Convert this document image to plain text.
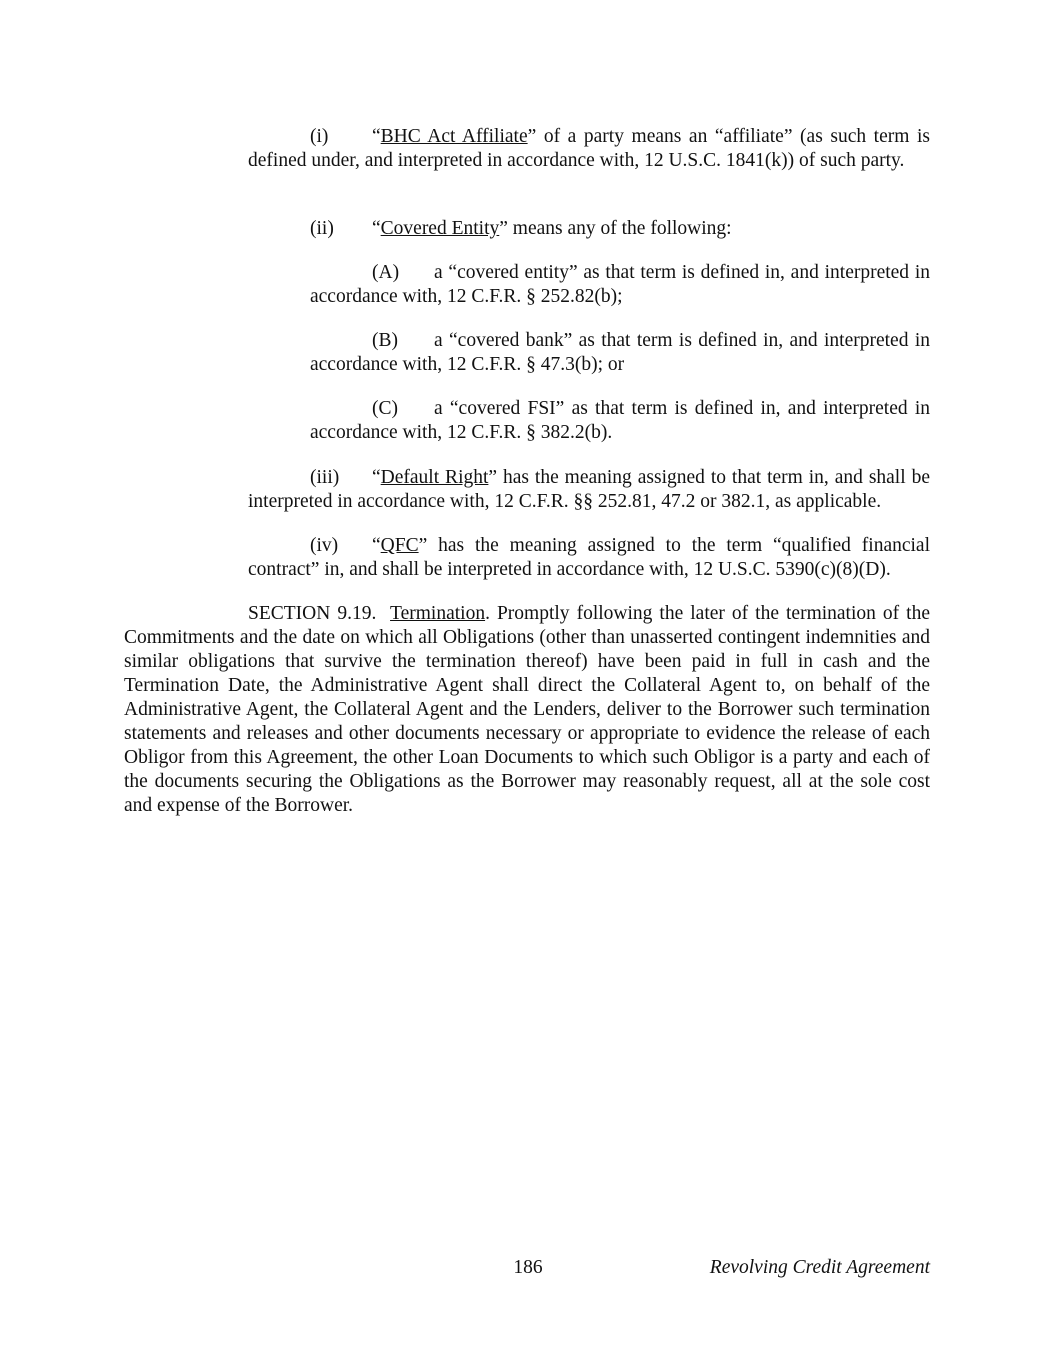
(i) “BHC Act Affiliate” of a party means an “affiliate” (as such term is defined under, and interpreted in accordance with, 12 U.S.C. 1841(k)) of such party.
(ii) “Covered Entity” means any of the following:
(A) a “covered entity” as that term is defined in, and interpreted in accordance with, 12 C.F.R. § 252.82(b);
(B) a “covered bank” as that term is defined in, and interpreted in accordance with, 12 C.F.R. § 47.3(b); or
(C) a “covered FSI” as that term is defined in, and interpreted in accordance with, 12 C.F.R. § 382.2(b).
(iii) “Default Right” has the meaning assigned to that term in, and shall be interpreted in accordance with, 12 C.F.R. §§ 252.81, 47.2 or 382.1, as applicable.
(iv) “QFC” has the meaning assigned to the term “qualified financial contract” in, and shall be interpreted in accordance with, 12 U.S.C. 5390(c)(8)(D).
SECTION 9.19. Termination. Promptly following the later of the termination of the Commitments and the date on which all Obligations (other than unasserted contingent indemnities and similar obligations that survive the termination thereof) have been paid in full in cash and the Termination Date, the Administrative Agent shall direct the Collateral Agent to, on behalf of the Administrative Agent, the Collateral Agent and the Lenders, deliver to the Borrower such termination statements and releases and other documents necessary or appropriate to evidence the release of each Obligor from this Agreement, the other Loan Documents to which such Obligor is a party and each of the documents securing the Obligations as the Borrower may reasonably request, all at the sole cost and expense of the Borrower.
186	Revolving Credit Agreement
